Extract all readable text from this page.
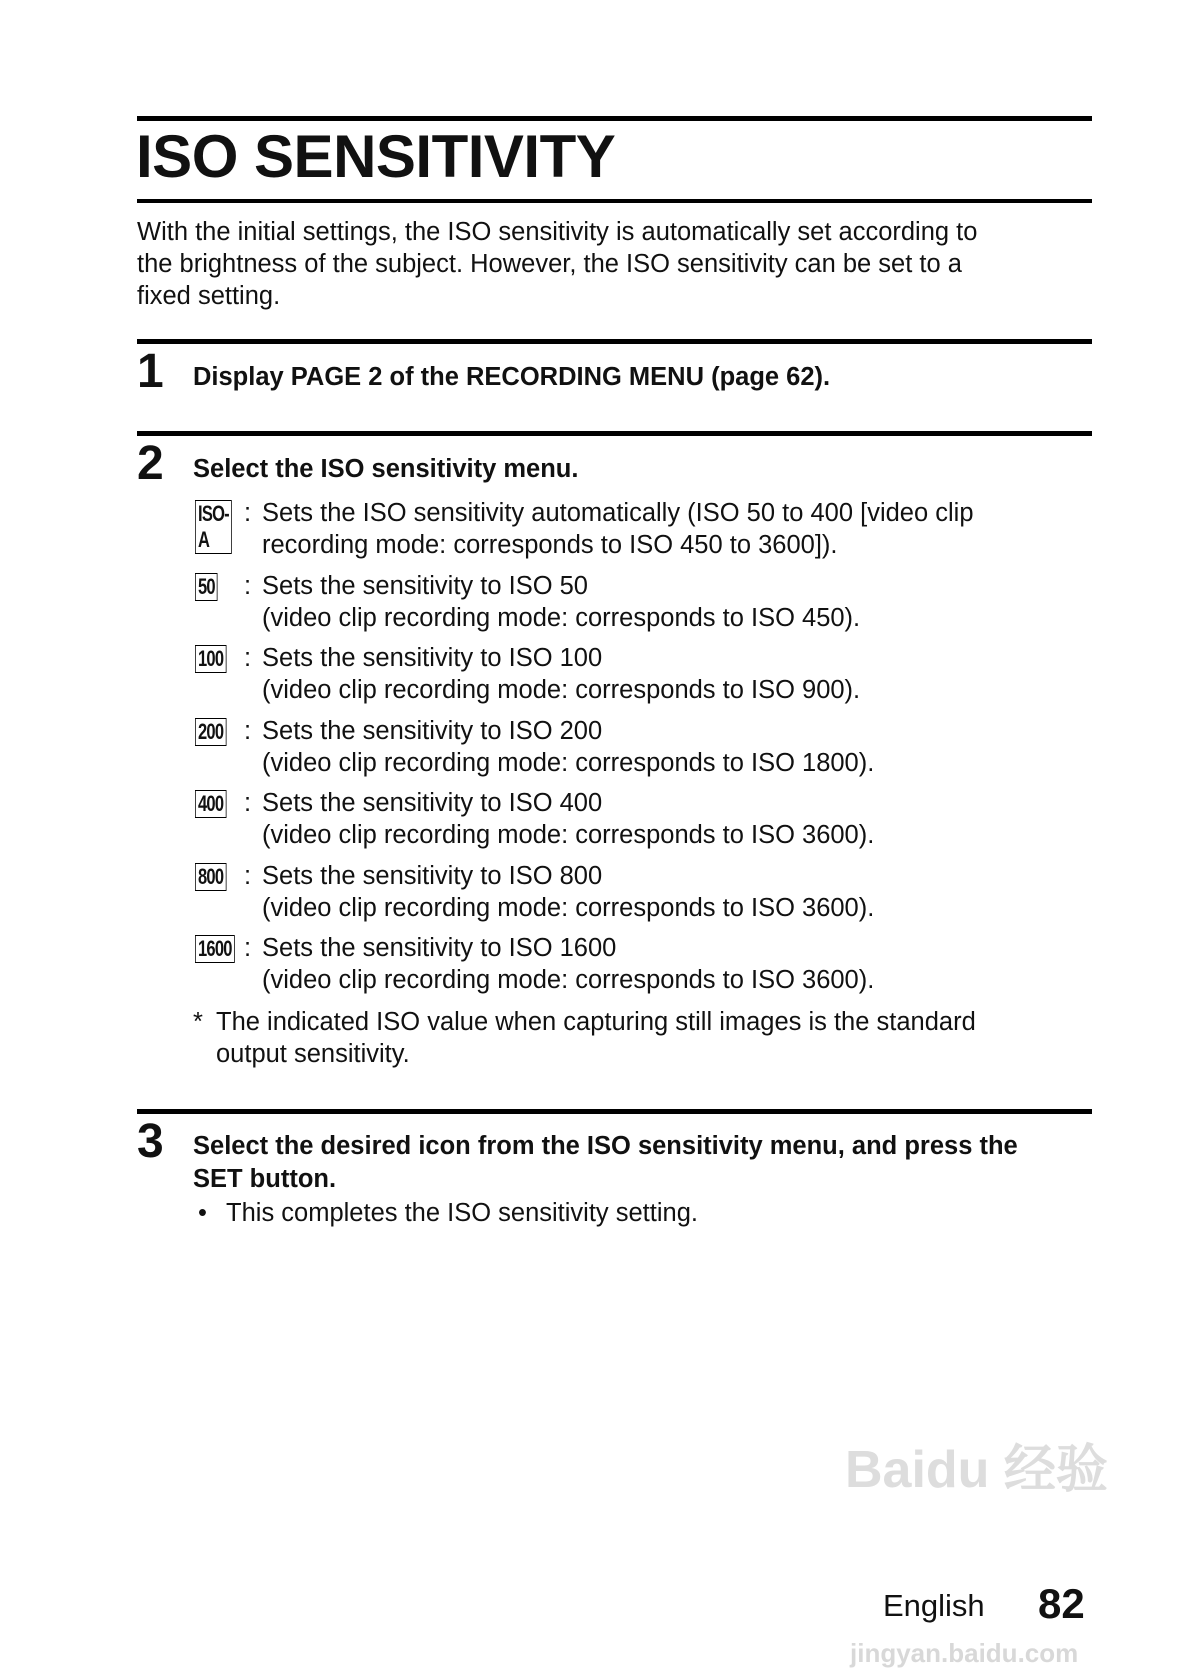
ISO SENSITIVITY
With the initial settings, the ISO sensitivity is automatically set according to
the brightness of the subject. However, the ISO sensitivity can be set to a
fixed setting.
1 Display PAGE 2 of the RECORDING MENU (page 62).
2 Select the ISO sensitivity menu.
ISO-A
: Sets the ISO sensitivity automatically (ISO 50 to 400 [video clip
recording mode: corresponds to ISO 450 to 3600]).
50 : Sets the sensitivity to ISO 50
(video clip recording mode: corresponds to ISO 450).
100 : Sets the sensitivity to ISO 100
(video clip recording mode: corresponds to ISO 900).
200 : Sets the sensitivity to ISO 200
(video clip recording mode: corresponds to ISO 1800).
400 : Sets the sensitivity to ISO 400
(video clip recording mode: corresponds to ISO 3600).
800 : Sets the sensitivity to ISO 800
(video clip recording mode: corresponds to ISO 3600).
1600 : Sets the sensitivity to ISO 1600
(video clip recording mode: corresponds to ISO 3600).
* The indicated ISO value when capturing still images is the standard
output sensitivity.
3 Select the desired icon from the ISO sensitivity menu, and press the
SET button.
• This completes the ISO sensitivity setting.
Baidu 经验
jingyan.baidu.com
English 82
